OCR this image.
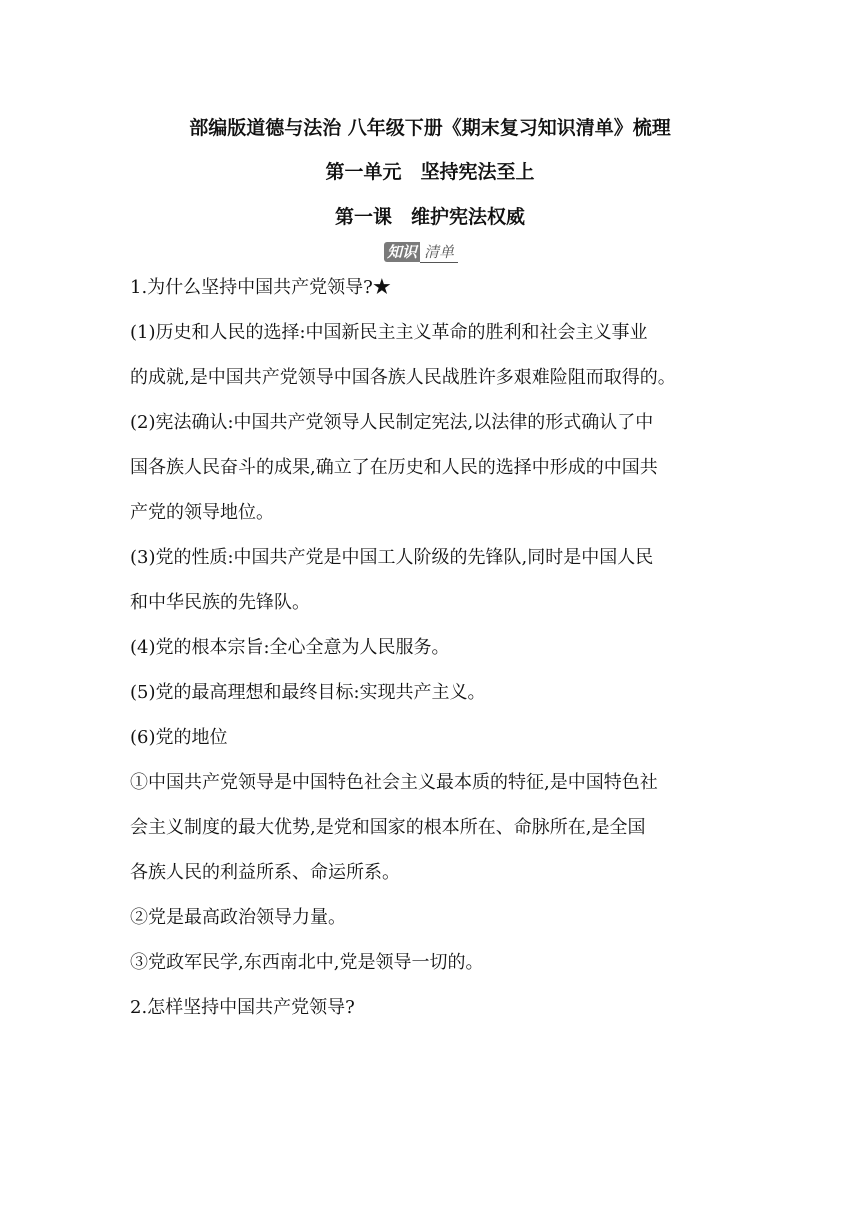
部编版道德与法治 八年级下册《期末复习知识清单》梳理
第一单元　坚持宪法至上
第一课　维护宪法权威
知识 清单
1.为什么坚持中国共产党领导?★
(1)历史和人民的选择:中国新民主主义革命的胜利和社会主义事业
的成就,是中国共产党领导中国各族人民战胜许多艰难险阻而取得的。
(2)宪法确认:中国共产党领导人民制定宪法,以法律的形式确认了中
国各族人民奋斗的成果,确立了在历史和人民的选择中形成的中国共
产党的领导地位。
(3)党的性质:中国共产党是中国工人阶级的先锋队,同时是中国人民
和中华民族的先锋队。
(4)党的根本宗旨:全心全意为人民服务。
(5)党的最高理想和最终目标:实现共产主义。
(6)党的地位
①中国共产党领导是中国特色社会主义最本质的特征,是中国特色社
会主义制度的最大优势,是党和国家的根本所在、命脉所在,是全国
各族人民的利益所系、命运所系。
②党是最高政治领导力量。
③党政军民学,东西南北中,党是领导一切的。
2.怎样坚持中国共产党领导?
